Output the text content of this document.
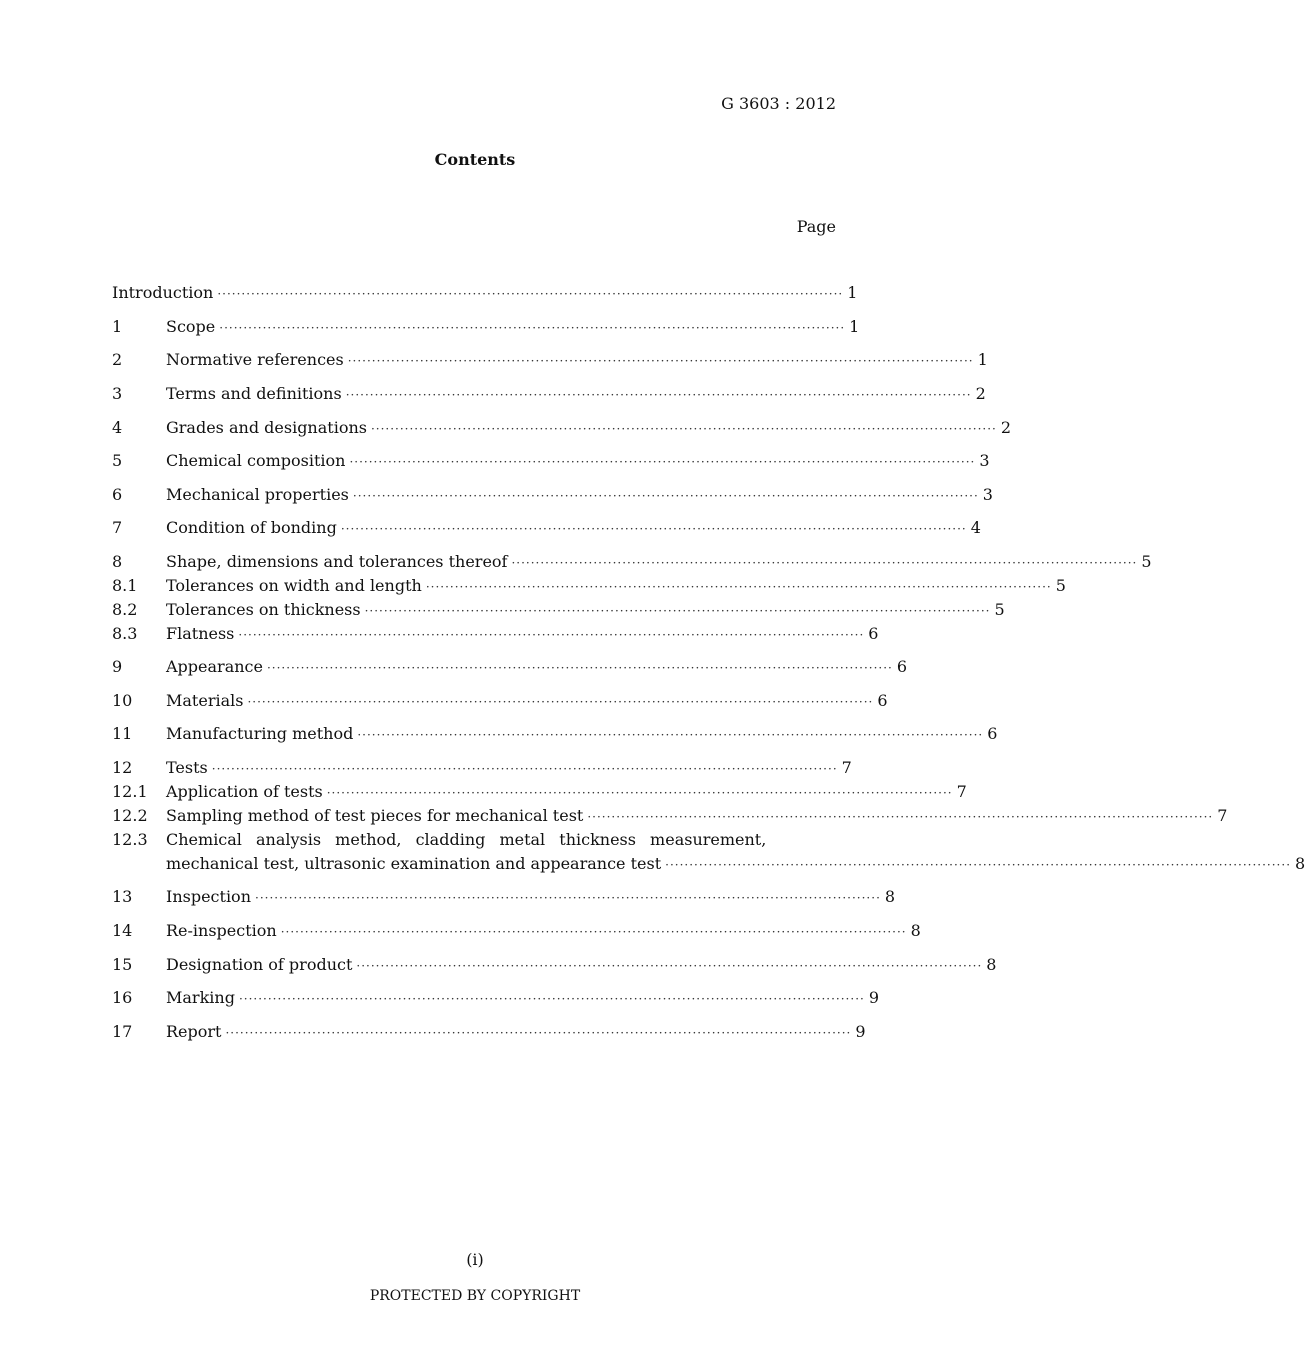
G 3603 : 2012
Contents
Page
Introduction ·································································································································· 1
1	Scope ·································································································································· 1
2	Normative references ·································································································································· 1
3	Terms and definitions ·································································································································· 2
4	Grades and designations ·································································································································· 2
5	Chemical composition ·································································································································· 3
6	Mechanical properties ·································································································································· 3
7	Condition of bonding ·································································································································· 4
8	Shape, dimensions and tolerances thereof ·································································································································· 5
8.1 Tolerances on width and length ·································································································································· 5
8.2 Tolerances on thickness ·································································································································· 5
8.3 Flatness ·································································································································· 6
9	Appearance ·································································································································· 6
10 Materials ·································································································································· 6
11 Manufacturing method ·································································································································· 6
12 Tests ·································································································································· 7
12.1 Application of tests ·································································································································· 7
12.2 Sampling method of test pieces for mechanical test ·································································································································· 7
12.3 Chemical analysis method, cladding metal thickness measurement,
mechanical test, ultrasonic examination and appearance test ·································································································································· 8
13 Inspection ·································································································································· 8
14 Re-inspection ·································································································································· 8
15 Designation of product ·································································································································· 8
16 Marking ·································································································································· 9
17 Report ·································································································································· 9
(i)
PROTECTED BY COPYRIGHT
